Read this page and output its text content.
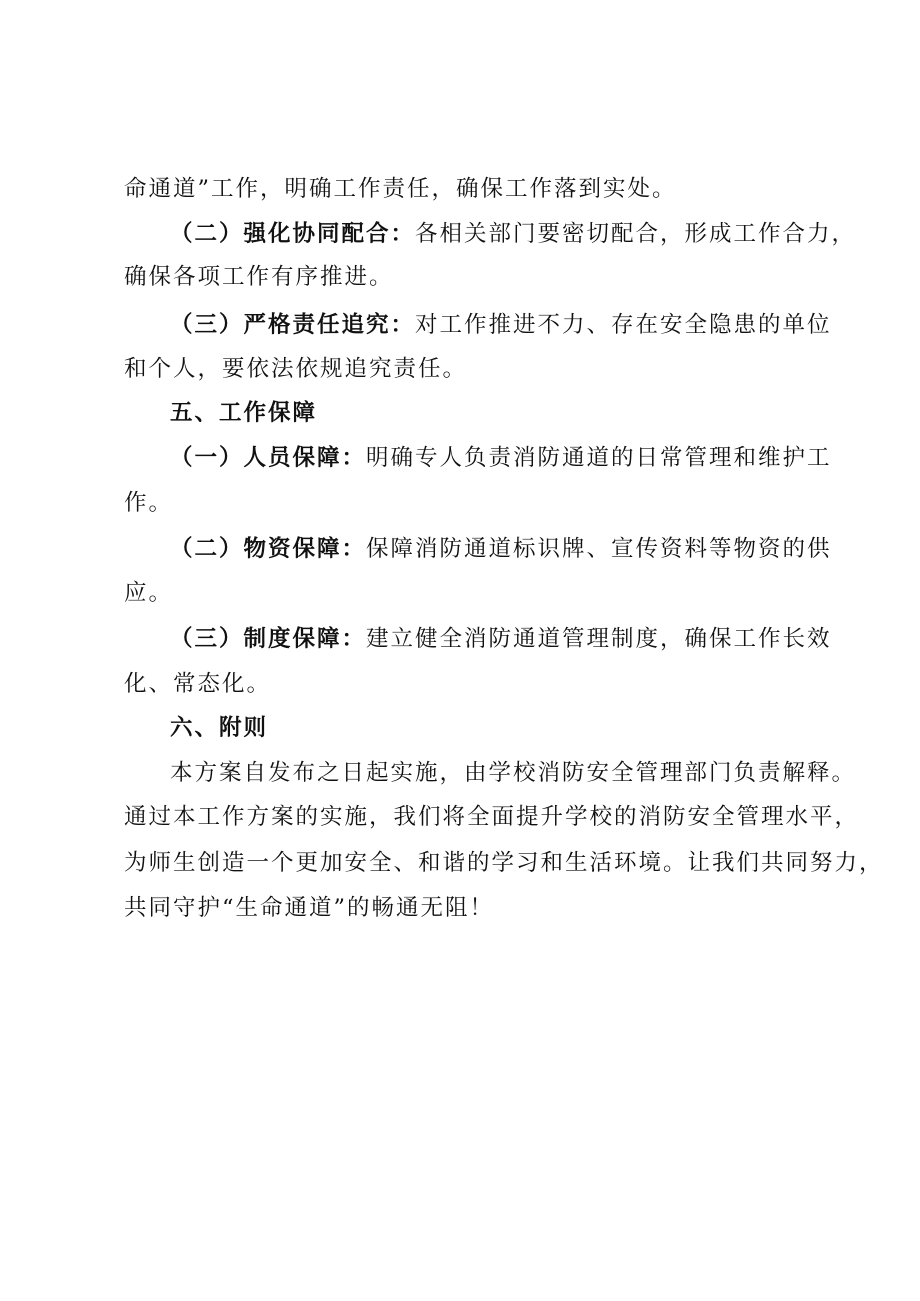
命通道”工作，明确工作责任，确保工作落到实处。
（二）强化协同配合：各相关部门要密切配合，形成工作合力，
确保各项工作有序推进。
（三）严格责任追究：对工作推进不力、存在安全隐患的单位
和个人，要依法依规追究责任。
五、工作保障
（一）人员保障：明确专人负责消防通道的日常管理和维护工
作。
（二）物资保障：保障消防通道标识牌、宣传资料等物资的供
应。
（三）制度保障：建立健全消防通道管理制度，确保工作长效
化、常态化。
六、附则
本方案自发布之日起实施，由学校消防安全管理部门负责解释。
通过本工作方案的实施，我们将全面提升学校的消防安全管理水平，
为师生创造一个更加安全、和谐的学习和生活环境。让我们共同努力，
共同守护“生命通道”的畅通无阻！
